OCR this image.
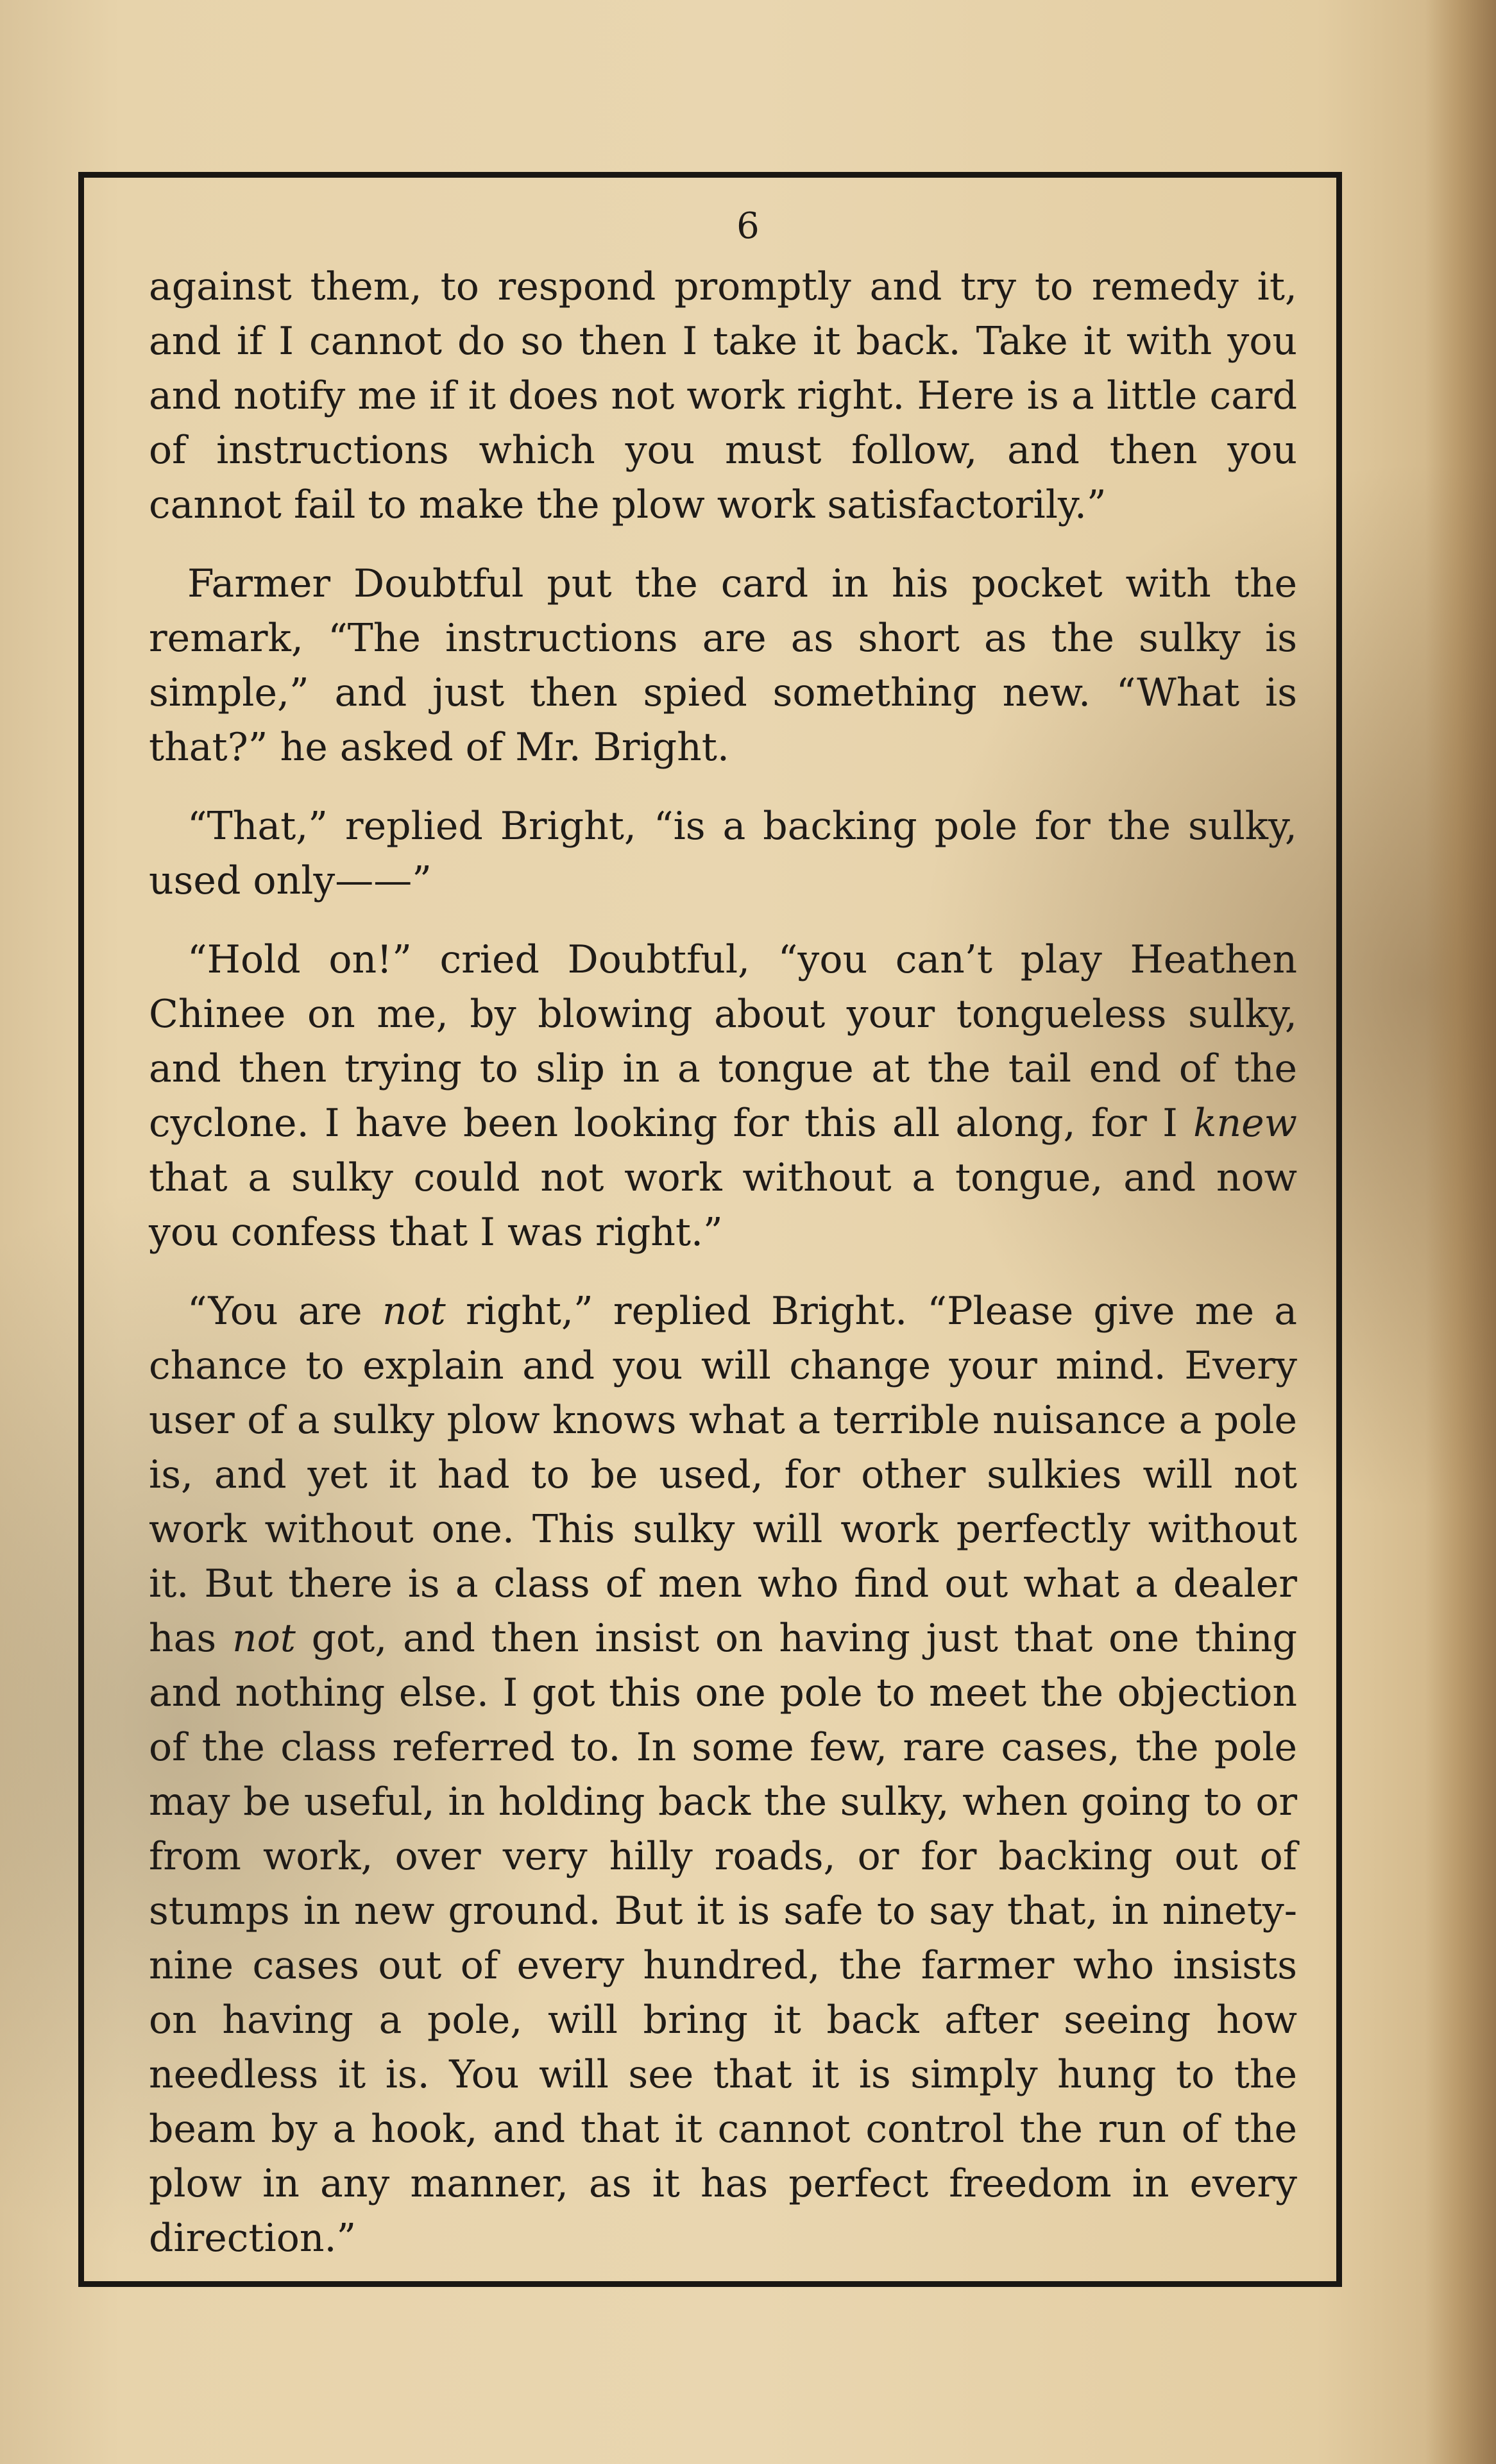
6

against them, to respond promptly and try to remedy it, and if I cannot do so then I take it back. Take it with you and notify me if it does not work right. Here is a little card of instructions which you must follow, and then you cannot fail to make the plow work satisfactorily.”

Farmer Doubtful put the card in his pocket with the remark, “The instructions are as short as the sulky is simple,” and just then spied something new. “What is that?” he asked of Mr. Bright.

“That,” replied Bright, “is a backing pole for the sulky, used only——”

“Hold on!” cried Doubtful, “you can’t play Heathen Chinee on me, by blowing about your tongueless sulky, and then trying to slip in a tongue at the tail end of the cyclone. I have been looking for this all along, for I knew that a sulky could not work without a tongue, and now you confess that I was right.”

“You are not right,” replied Bright. “Please give me a chance to explain and you will change your mind. Every user of a sulky plow knows what a terrible nuisance a pole is, and yet it had to be used, for other sulkies will not work without one. This sulky will work perfectly without it. But there is a class of men who find out what a dealer has not got, and then insist on having just that one thing and nothing else. I got this one pole to meet the objection of the class referred to. In some few, rare cases, the pole may be useful, in holding back the sulky, when going to or from work, over very hilly roads, or for backing out of stumps in new ground. But it is safe to say that, in ninety-nine cases out of every hundred, the farmer who insists on having a pole, will bring it back after seeing how needless it is. You will see that it is simply hung to the beam by a hook, and that it cannot control the run of the plow in any manner, as it has perfect freedom in every direction.”
